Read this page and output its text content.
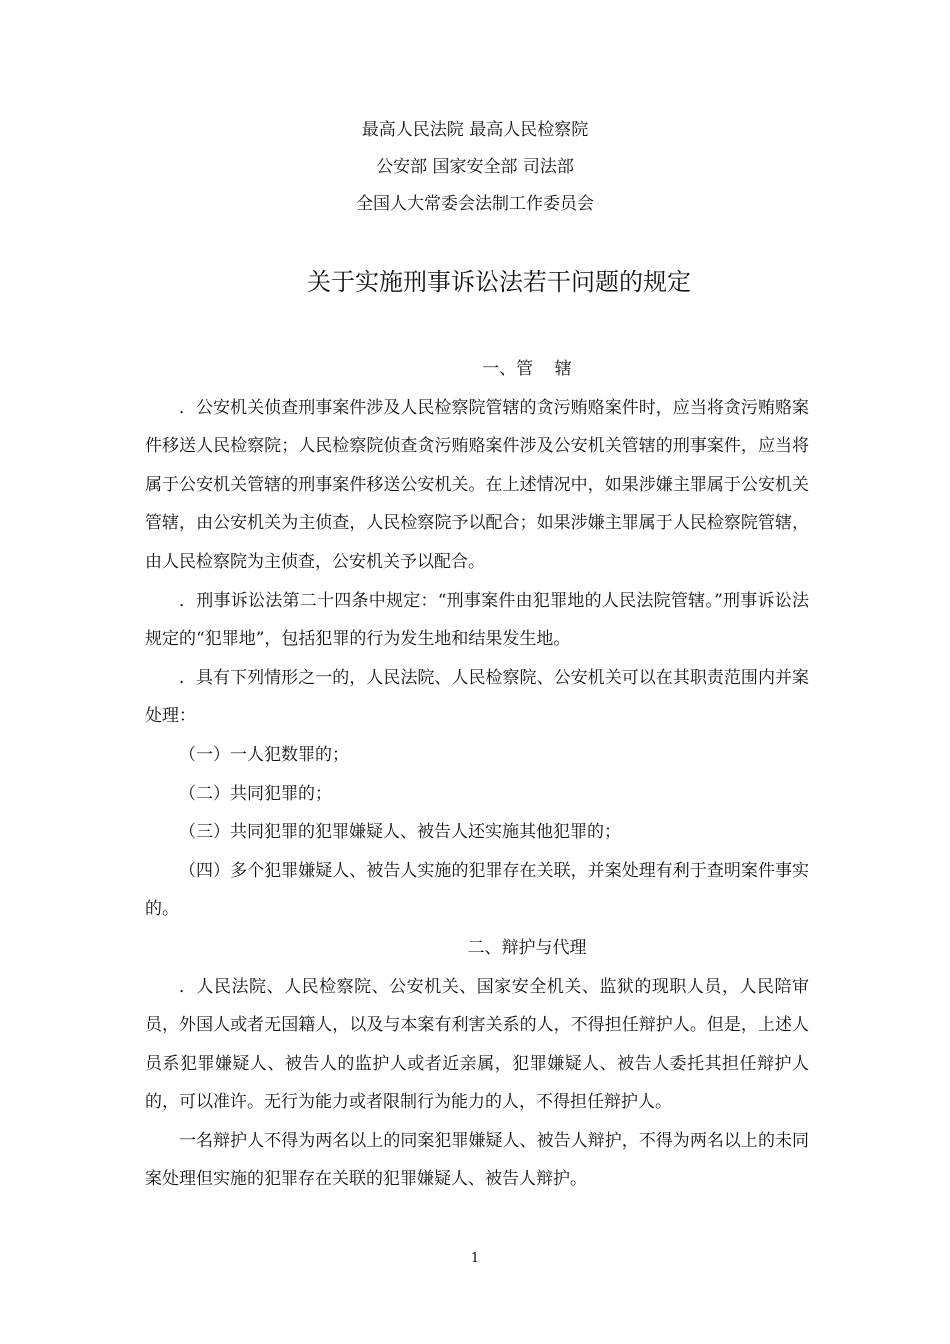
最高人民法院 最高人民检察院
公安部 国家安全部 司法部
全国人大常委会法制工作委员会
关于实施刑事诉讼法若干问题的规定
一、管    辖

．公安机关侦查刑事案件涉及人民检察院管辖的贪污贿赂案件时，应当将贪污贿赂案件移送人民检察院；人民检察院侦查贪污贿赂案件涉及公安机关管辖的刑事案件，应当将属于公安机关管辖的刑事案件移送公安机关。在上述情况中，如果涉嫌主罪属于公安机关管辖，由公安机关为主侦查，人民检察院予以配合；如果涉嫌主罪属于人民检察院管辖，由人民检察院为主侦查，公安机关予以配合。

．刑事诉讼法第二十四条中规定：“刑事案件由犯罪地的人民法院管辖。”刑事诉讼法规定的“犯罪地”，包括犯罪的行为发生地和结果发生地。

．具有下列情形之一的，人民法院、人民检察院、公安机关可以在其职责范围内并案处理：

（一）一人犯数罪的；

（二）共同犯罪的；

（三）共同犯罪的犯罪嫌疑人、被告人还实施其他犯罪的；

（四）多个犯罪嫌疑人、被告人实施的犯罪存在关联，并案处理有利于查明案件事实的。

二、辩护与代理

．人民法院、人民检察院、公安机关、国家安全机关、监狱的现职人员，人民陪审员，外国人或者无国籍人，以及与本案有利害关系的人，不得担任辩护人。但是，上述人员系犯罪嫌疑人、被告人的监护人或者近亲属，犯罪嫌疑人、被告人委托其担任辩护人的，可以准许。无行为能力或者限制行为能力的人，不得担任辩护人。

一名辩护人不得为两名以上的同案犯罪嫌疑人、被告人辩护，不得为两名以上的未同案处理但实施的犯罪存在关联的犯罪嫌疑人、被告人辩护。

1
